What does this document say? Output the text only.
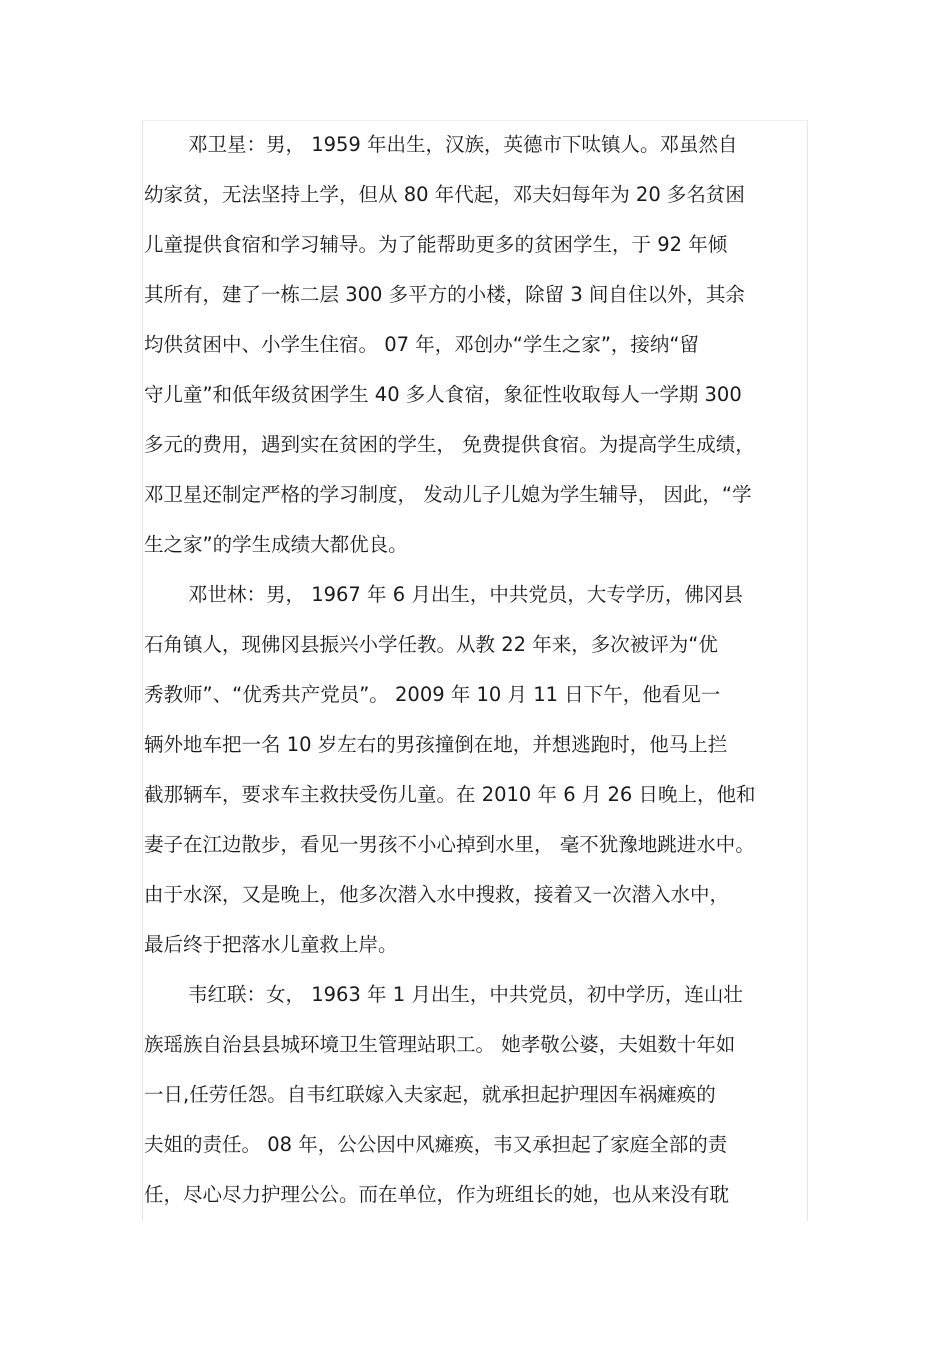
邓卫星：男， 1959 年出生，汉族，英德市下呔镇人。邓虽然自
幼家贫，无法坚持上学，但从 80 年代起，邓夫妇每年为 20 多名贫困
儿童提供食宿和学习辅导。为了能帮助更多的贫困学生，于 92 年倾
其所有，建了一栋二层 300 多平方的小楼，除留 3 间自住以外，其余
均供贫困中、小学生住宿。 07 年，邓创办“学生之家”，接纳“留
守儿童”和低年级贫困学生 40 多人食宿，象征性收取每人一学期 300
多元的费用，遇到实在贫困的学生， 免费提供食宿。为提高学生成绩，
邓卫星还制定严格的学习制度， 发动儿子儿媳为学生辅导， 因此，“学
生之家”的学生成绩大都优良。
邓世林：男， 1967 年 6 月出生，中共党员，大专学历，佛冈县
石角镇人，现佛冈县振兴小学任教。从教 22 年来，多次被评为“优
秀教师”、“优秀共产党员”。 2009 年 10 月 11 日下午，他看见一
辆外地车把一名 10 岁左右的男孩撞倒在地，并想逃跑时，他马上拦
截那辆车，要求车主救扶受伤儿童。在 2010 年 6 月 26 日晚上，他和
妻子在江边散步，看见一男孩不小心掉到水里， 毫不犹豫地跳进水中。
由于水深，又是晚上，他多次潜入水中搜救，接着又一次潜入水中，
最后终于把落水儿童救上岸。
韦红联：女， 1963 年 1 月出生，中共党员，初中学历，连山壮
族瑶族自治县县城环境卫生管理站职工。 她孝敬公婆，夫姐数十年如
一日,任劳任怨。自韦红联嫁入夫家起，就承担起护理因车祸瘫痪的
夫姐的责任。 08 年，公公因中风瘫痪，韦又承担起了家庭全部的责
任，尽心尽力护理公公。而在单位，作为班组长的她，也从来没有耽
